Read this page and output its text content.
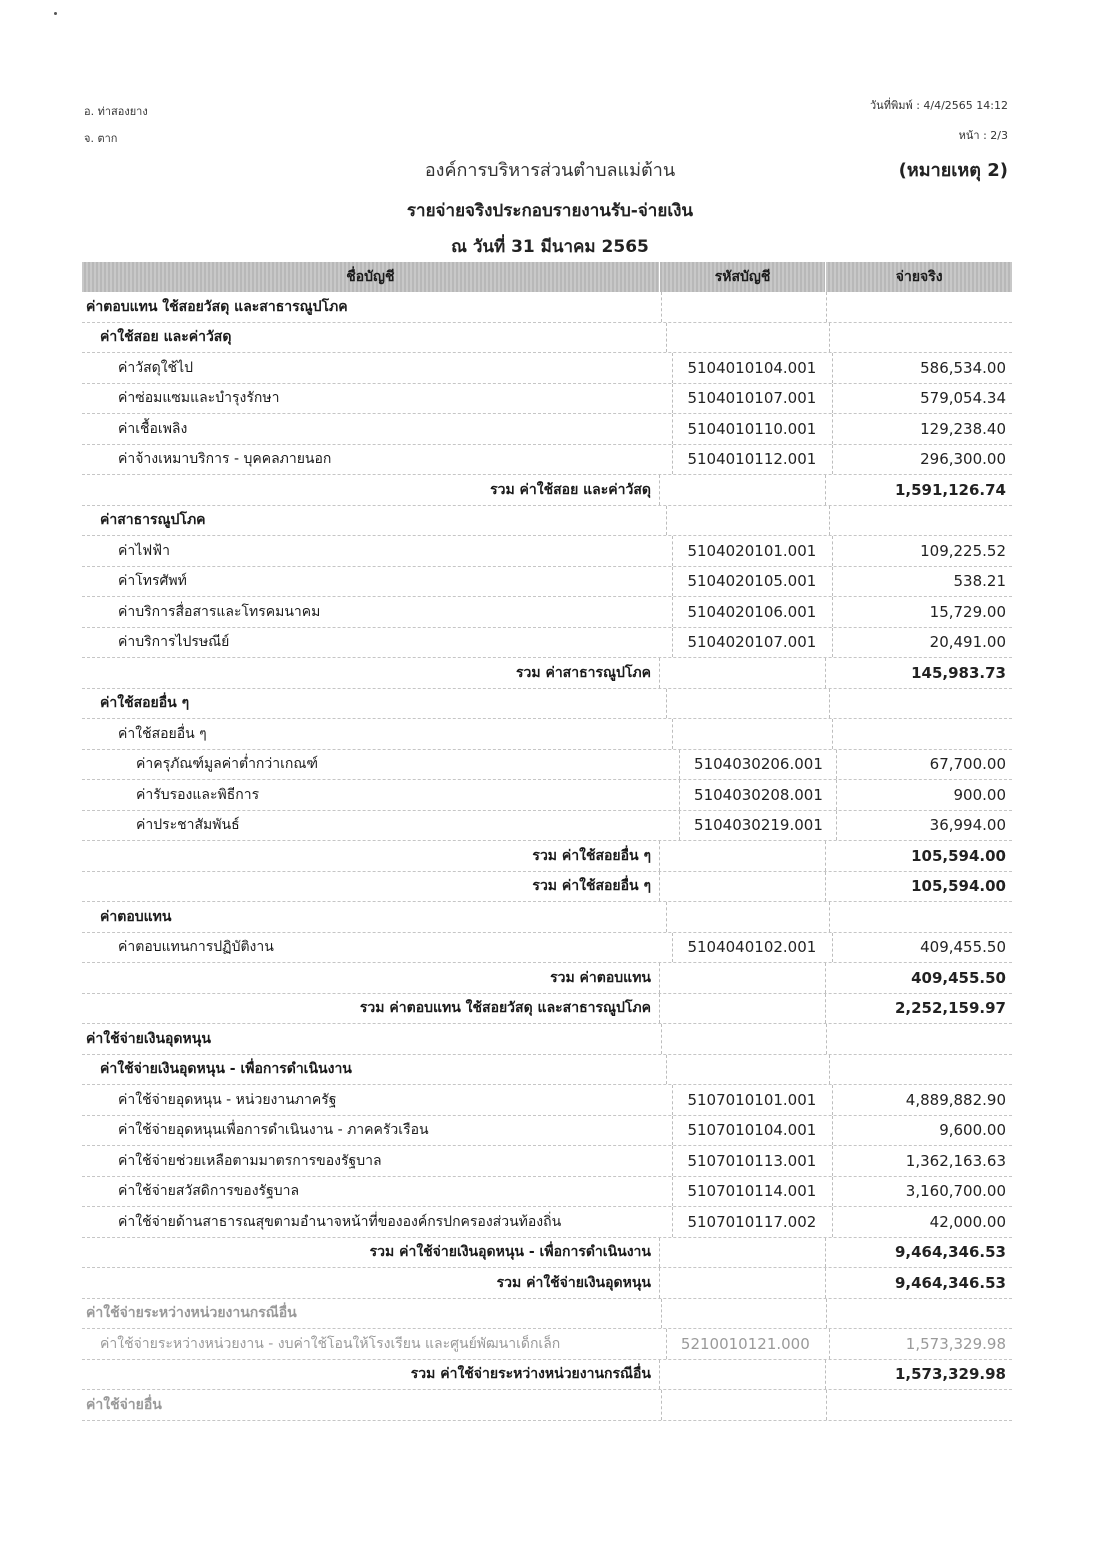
อ. ท่าสองยาง
จ. ตาก
วันที่พิมพ์ : 4/4/2565 14:12
หน้า : 2/3
องค์การบริหารส่วนตำบลแม่ต้าน	(หมายเหตุ 2)
รายจ่ายจริงประกอบรายงานรับ-จ่ายเงิน
ณ วันที่ 31 มีนาคม 2565
ชื่อบัญชี	รหัสบัญชี	จ่ายจริง
ค่าตอบแทน ใช้สอยวัสดุ และสาธารณูปโภค
ค่าใช้สอย และค่าวัสดุ
ค่าวัสดุใช้ไป	5104010104.001	586,534.00
ค่าซ่อมแซมและบำรุงรักษา	5104010107.001	579,054.34
ค่าเชื้อเพลิง	5104010110.001	129,238.40
ค่าจ้างเหมาบริการ - บุคคลภายนอก	5104010112.001	296,300.00
รวม ค่าใช้สอย และค่าวัสดุ	1,591,126.74
ค่าสาธารณูปโภค
ค่าไฟฟ้า	5104020101.001	109,225.52
ค่าโทรศัพท์	5104020105.001	538.21
ค่าบริการสื่อสารและโทรคมนาคม	5104020106.001	15,729.00
ค่าบริการไปรษณีย์	5104020107.001	20,491.00
รวม ค่าสาธารณูปโภค	145,983.73
ค่าใช้สอยอื่น ๆ
ค่าใช้สอยอื่น ๆ
ค่าครุภัณฑ์มูลค่าต่ำกว่าเกณฑ์	5104030206.001	67,700.00
ค่ารับรองและพิธีการ	5104030208.001	900.00
ค่าประชาสัมพันธ์	5104030219.001	36,994.00
รวม ค่าใช้สอยอื่น ๆ	105,594.00
รวม ค่าใช้สอยอื่น ๆ	105,594.00
ค่าตอบแทน
ค่าตอบแทนการปฏิบัติงาน	5104040102.001	409,455.50
รวม ค่าตอบแทน	409,455.50
รวม ค่าตอบแทน ใช้สอยวัสดุ และสาธารณูปโภค	2,252,159.97
ค่าใช้จ่ายเงินอุดหนุน
ค่าใช้จ่ายเงินอุดหนุน - เพื่อการดำเนินงาน
ค่าใช้จ่ายอุดหนุน - หน่วยงานภาครัฐ	5107010101.001	4,889,882.90
ค่าใช้จ่ายอุดหนุนเพื่อการดำเนินงาน - ภาคครัวเรือน	5107010104.001	9,600.00
ค่าใช้จ่ายช่วยเหลือตามมาตรการของรัฐบาล	5107010113.001	1,362,163.63
ค่าใช้จ่ายสวัสดิการของรัฐบาล	5107010114.001	3,160,700.00
ค่าใช้จ่ายด้านสาธารณสุขตามอำนาจหน้าที่ขององค์กรปกครองส่วนท้องถิ่น	5107010117.002	42,000.00
รวม ค่าใช้จ่ายเงินอุดหนุน - เพื่อการดำเนินงาน	9,464,346.53
รวม ค่าใช้จ่ายเงินอุดหนุน	9,464,346.53
ค่าใช้จ่ายระหว่างหน่วยงานกรณีอื่น
ค่าใช้จ่ายระหว่างหน่วยงาน - งบค่าใช้โอนให้โรงเรียน และศูนย์พัฒนาเด็กเล็ก	5210010121.000	1,573,329.98
รวม ค่าใช้จ่ายระหว่างหน่วยงานกรณีอื่น	1,573,329.98
ค่าใช้จ่ายอื่น
